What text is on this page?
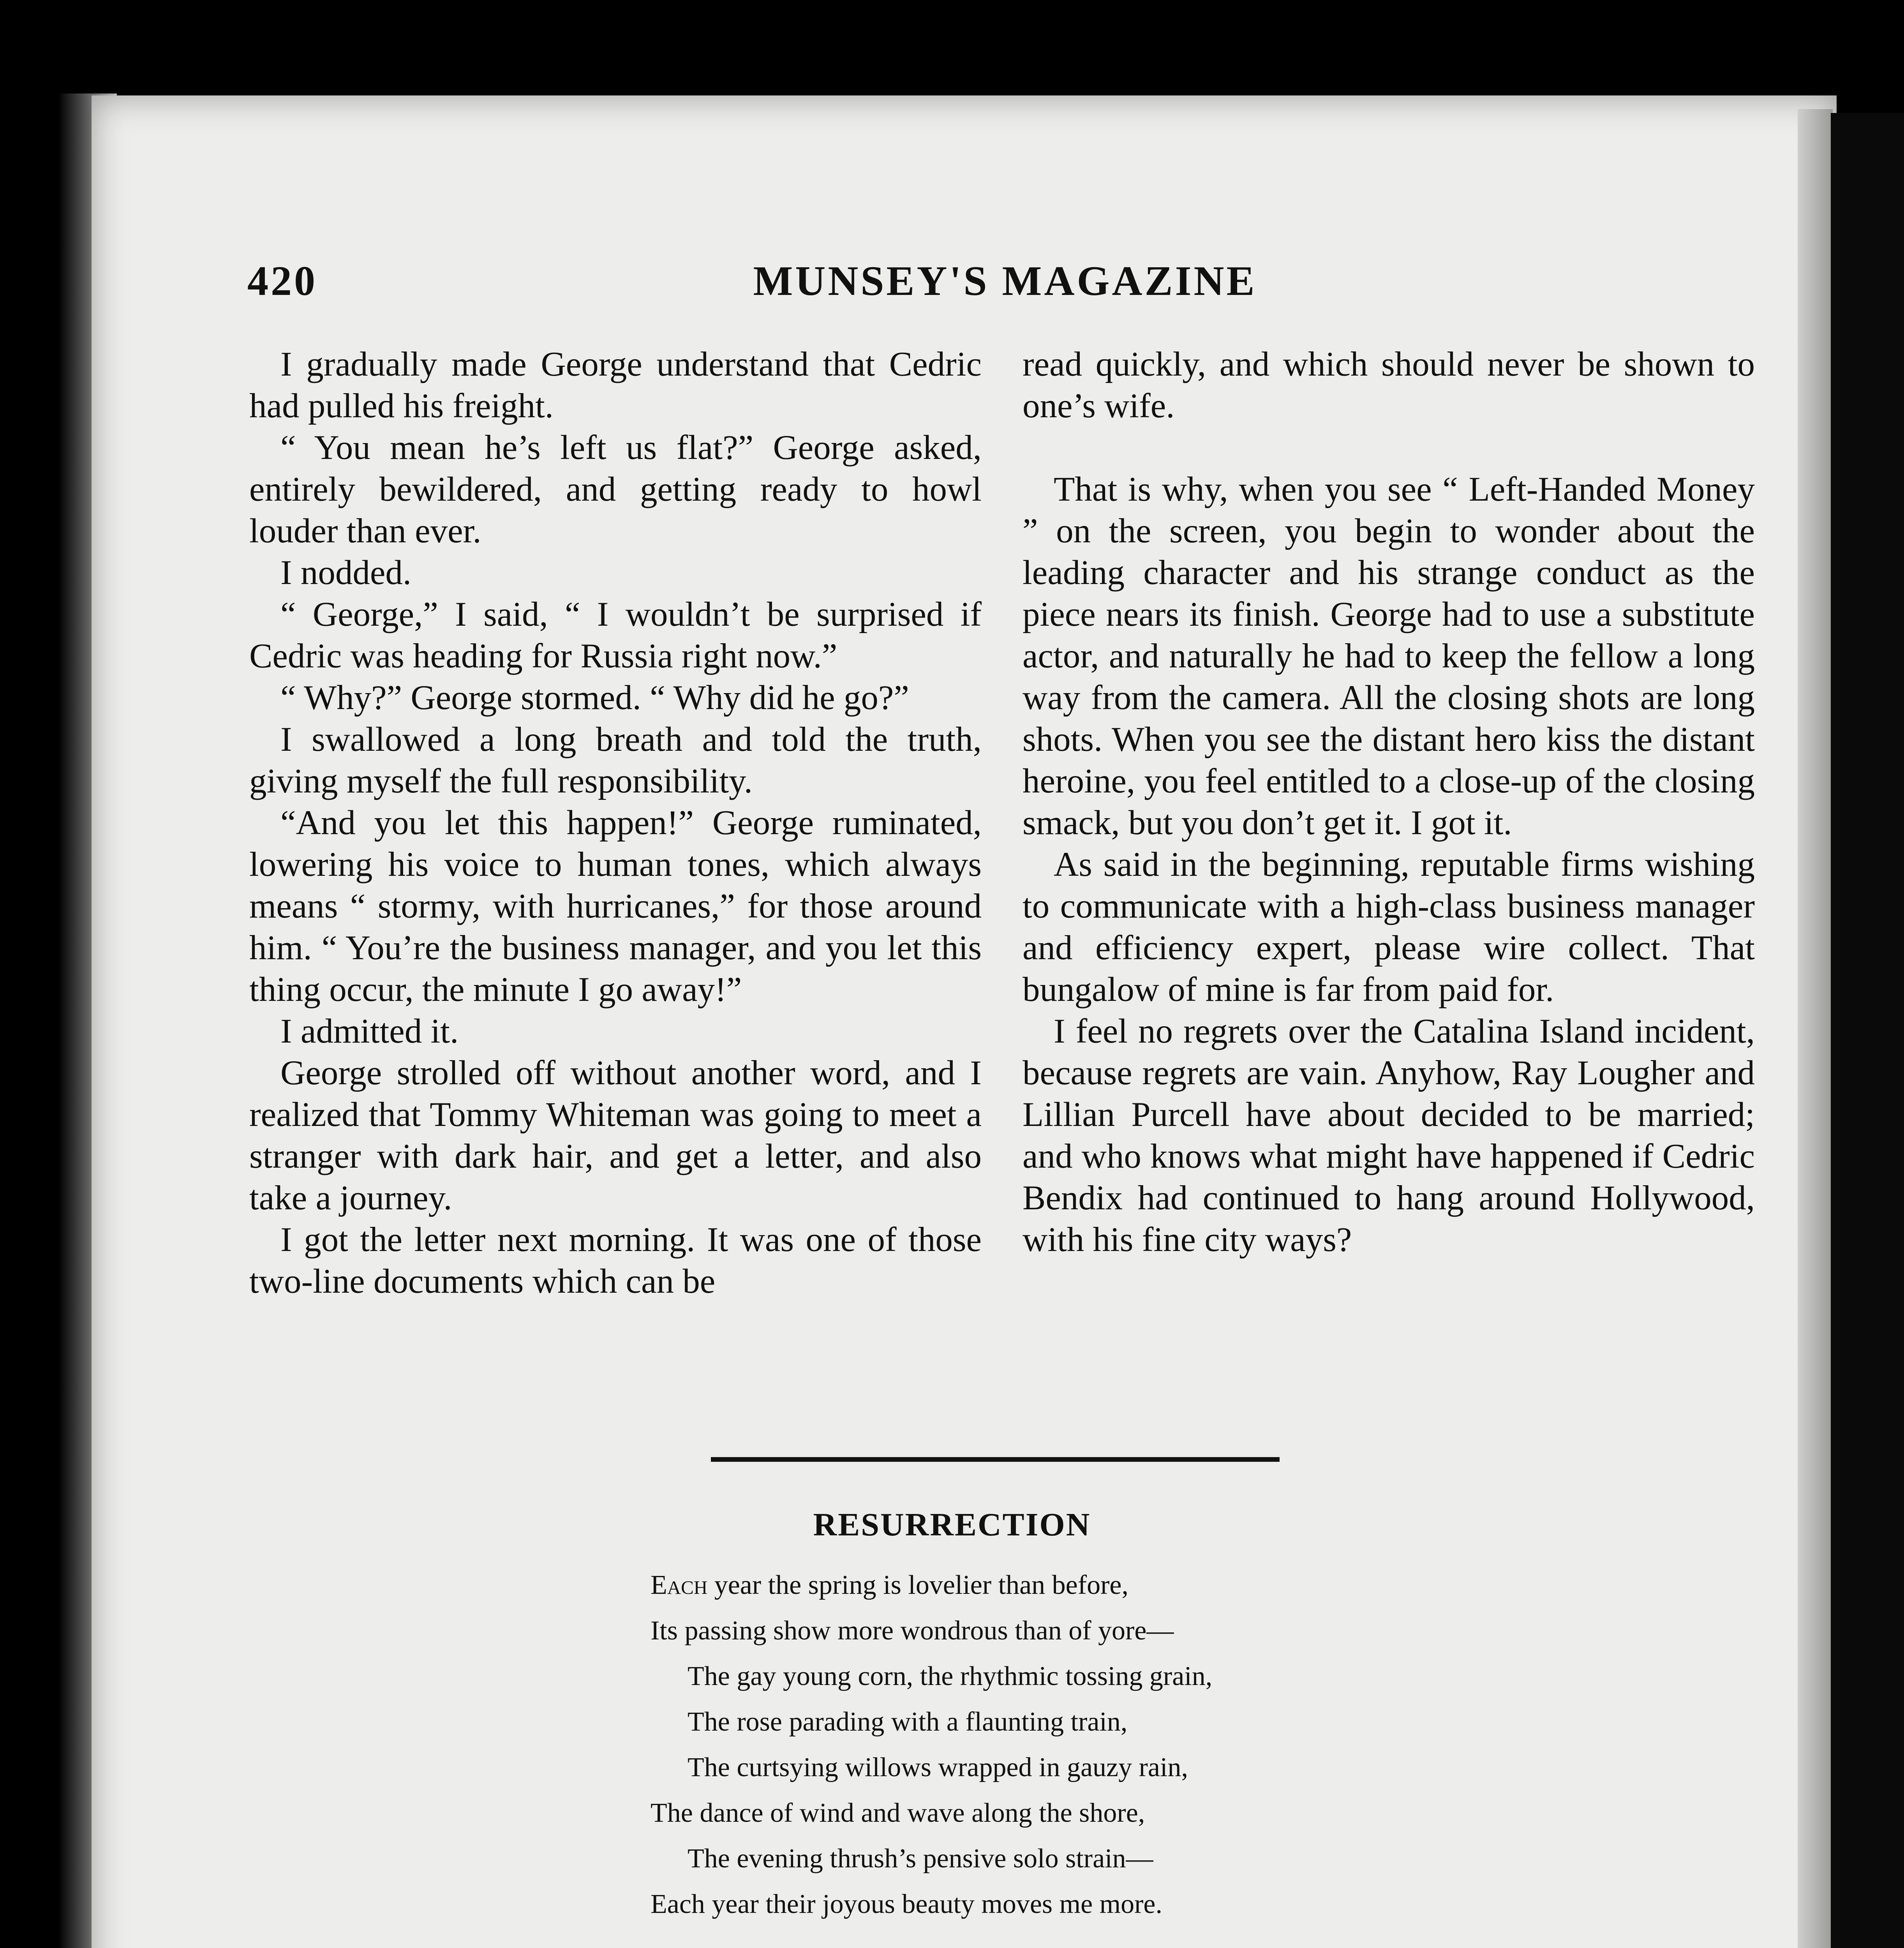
420	MUNSEY'S MAGAZINE

I gradually made George understand that Cedric had pulled his freight.

“ You mean he’s left us flat?” George asked, entirely bewildered, and getting ready to howl louder than ever.

I nodded.

“ George,” I said, “ I wouldn’t be surprised if Cedric was heading for Russia right now.”

“ Why?” George stormed. “ Why did he go?”

I swallowed a long breath and told the truth, giving myself the full responsibility.

“And you let this happen!” George ruminated, lowering his voice to human tones, which always means “ stormy, with hurricanes,” for those around him. “ You’re the business manager, and you let this thing occur, the minute I go away!”

I admitted it.

George strolled off without another word, and I realized that Tommy Whiteman was going to meet a stranger with dark hair, and get a letter, and also take a journey.

I got the letter next morning. It was one of those two-line documents which can be

read quickly, and which should never be shown to one’s wife.

That is why, when you see “ Left-Handed Money ” on the screen, you begin to wonder about the leading character and his strange conduct as the piece nears its finish. George had to use a substitute actor, and naturally he had to keep the fellow a long way from the camera. All the closing shots are long shots. When you see the distant hero kiss the distant heroine, you feel entitled to a close-up of the closing smack, but you don’t get it. I got it.

As said in the beginning, reputable firms wishing to communicate with a high-class business manager and efficiency expert, please wire collect. That bungalow of mine is far from paid for.

I feel no regrets over the Catalina Island incident, because regrets are vain. Anyhow, Ray Lougher and Lillian Purcell have about decided to be married; and who knows what might have happened if Cedric Bendix had continued to hang around Hollywood, with his fine city ways?

RESURRECTION
Each year the spring is lovelier than before,
Its passing show more wondrous than of yore—
The gay young corn, the rhythmic tossing grain,
The rose parading with a flaunting train,
The curtsying willows wrapped in gauzy rain,
The dance of wind and wave along the shore,
The evening thrush’s pensive solo strain—
Each year their joyous beauty moves me more.
